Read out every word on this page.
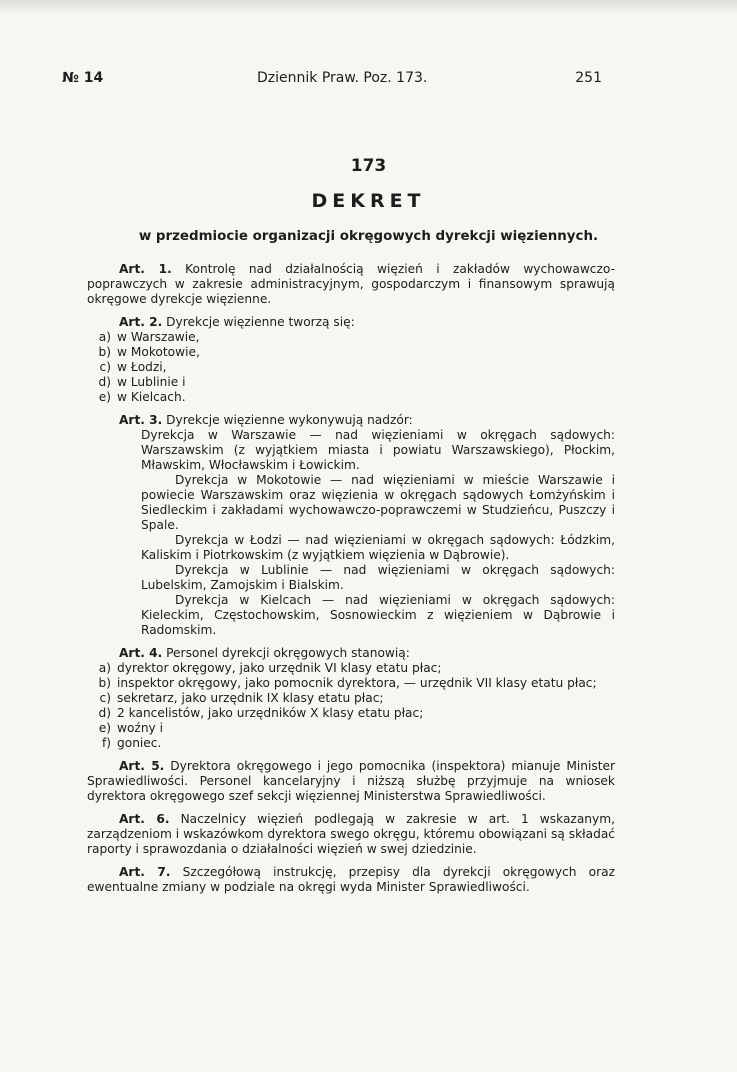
№ 14	Dziennik Praw. Poz. 173.	251
173
DEKRET
w przedmiocie organizacji okręgowych dyrekcji więziennych.

Art. 1. Kontrolę nad działalnością więzień i zakładów wychowawczo-poprawczych w zakresie administracyjnym, gospodarczym i finansowym sprawują okręgowe dyrekcje więzienne.

Art. 2. Dyrekcje więzienne tworzą się:

a) w Warszawie,
b) w Mokotowie,
c) w Łodzi,
d) w Lublinie i
e) w Kielcach.

Art. 3. Dyrekcje więzienne wykonywują nadzór:

Dyrekcja w Warszawie — nad więzieniami w okręgach sądowych: Warszawskim (z wyjątkiem miasta i powiatu Warszawskiego), Płockim, Mławskim, Włocławskim i Łowickim.

Dyrekcja w Mokotowie — nad więzieniami w mieście Warszawie i powiecie Warszawskim oraz więzienia w okręgach sądowych Łomżyńskim i Siedleckim i zakładami wychowawczo-poprawczemi w Studzieńcu, Puszczy i Spale.

Dyrekcja w Łodzi — nad więzieniami w okręgach sądowych: Łódzkim, Kaliskim i Piotrkowskim (z wyjątkiem więzienia w Dąbrowie).

Dyrekcja w Lublinie — nad więzieniami w okręgach sądowych: Lubelskim, Zamojskim i Bialskim.

Dyrekcja w Kielcach — nad więzieniami w okręgach sądowych: Kieleckim, Częstochowskim, Sosnowieckim z więzieniem w Dąbrowie i Radomskim.

Art. 4. Personel dyrekcji okręgowych stanowią:

a) dyrektor okręgowy, jako urzędnik VI klasy etatu płac;
b) inspektor okręgowy, jako pomocnik dyrektora, — urzędnik VII klasy etatu płac;
c) sekretarz, jako urzędnik IX klasy etatu płac;
d) 2 kancelistów, jako urzędników X klasy etatu płac;
e) woźny i
f) goniec.

Art. 5. Dyrektora okręgowego i jego pomocnika (inspektora) mianuje Minister Sprawiedliwości. Personel kancelaryjny i niższą służbę przyjmuje na wniosek dyrektora okręgowego szef sekcji więziennej Ministerstwa Sprawiedliwości.

Art. 6. Naczelnicy więzień podlegają w zakresie w art. 1 wskazanym, zarządzeniom i wskazówkom dyrektora swego okręgu, któremu obowiązani są składać raporty i sprawozdania o działalności więzień w swej dziedzinie.

Art. 7. Szczegółową instrukcję, przepisy dla dyrekcji okręgowych oraz ewentualne zmiany w podziale na okręgi wyda Minister Sprawiedliwości.
